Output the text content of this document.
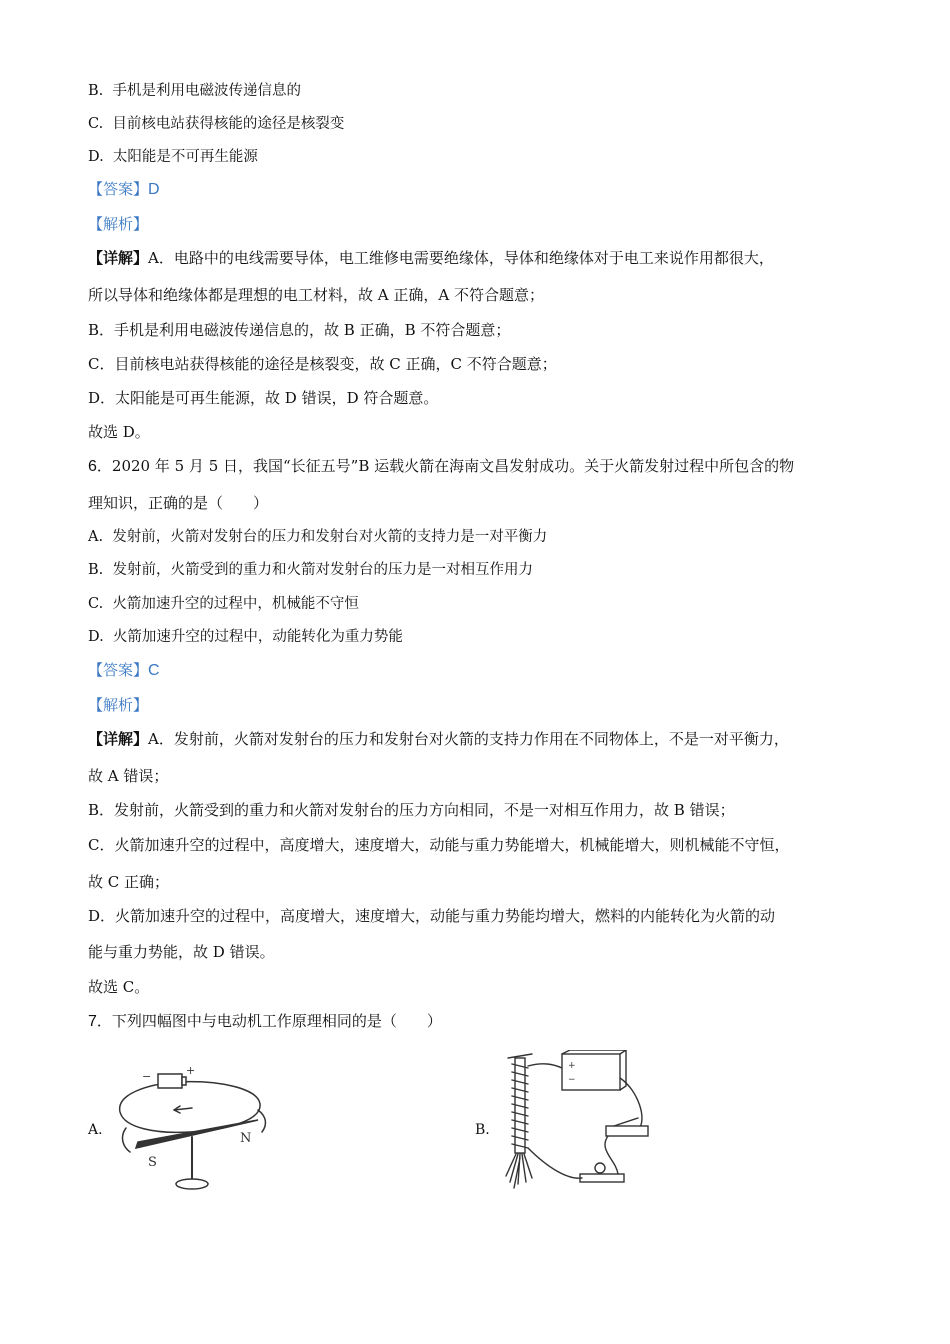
B.  手机是利用电磁波传递信息的
C.  目前核电站获得核能的途径是核裂变
D.  太阳能是不可再生能源
【答案】D
【解析】
【详解】A．电路中的电线需要导体，电工维修电需要绝缘体，导体和绝缘体对于电工来说作用都很大，
所以导体和绝缘体都是理想的电工材料，故 A 正确，A 不符合题意；
B．手机是利用电磁波传递信息的，故 B 正确，B 不符合题意；
C．目前核电站获得核能的途径是核裂变，故 C 正确，C 不符合题意；
D．太阳能是可再生能源，故 D 错误，D 符合题意。
故选 D。
6．2020 年 5 月 5 日，我国“长征五号”B 运载火箭在海南文昌发射成功。关于火箭发射过程中所包含的物
理知识，正确的是（　　）
A.  发射前，火箭对发射台的压力和发射台对火箭的支持力是一对平衡力
B.  发射前，火箭受到的重力和火箭对发射台的压力是一对相互作用力
C.  火箭加速升空的过程中，机械能不守恒
D.  火箭加速升空的过程中，动能转化为重力势能
【答案】C
【解析】
【详解】A．发射前，火箭对发射台的压力和发射台对火箭的支持力作用在不同物体上，不是一对平衡力，
故 A 错误；
B．发射前，火箭受到的重力和火箭对发射台的压力方向相同，不是一对相互作用力，故 B 错误；
C．火箭加速升空的过程中，高度增大，速度增大，动能与重力势能增大，机械能增大，则机械能不守恒，
故 C 正确；
D．火箭加速升空的过程中，高度增大，速度增大，动能与重力势能均增大，燃料的内能转化为火箭的动
能与重力势能，故 D 错误。
故选 C。
7．下列四幅图中与电动机工作原理相同的是（　　）
A.
−	+
S
N
B.
+
−
